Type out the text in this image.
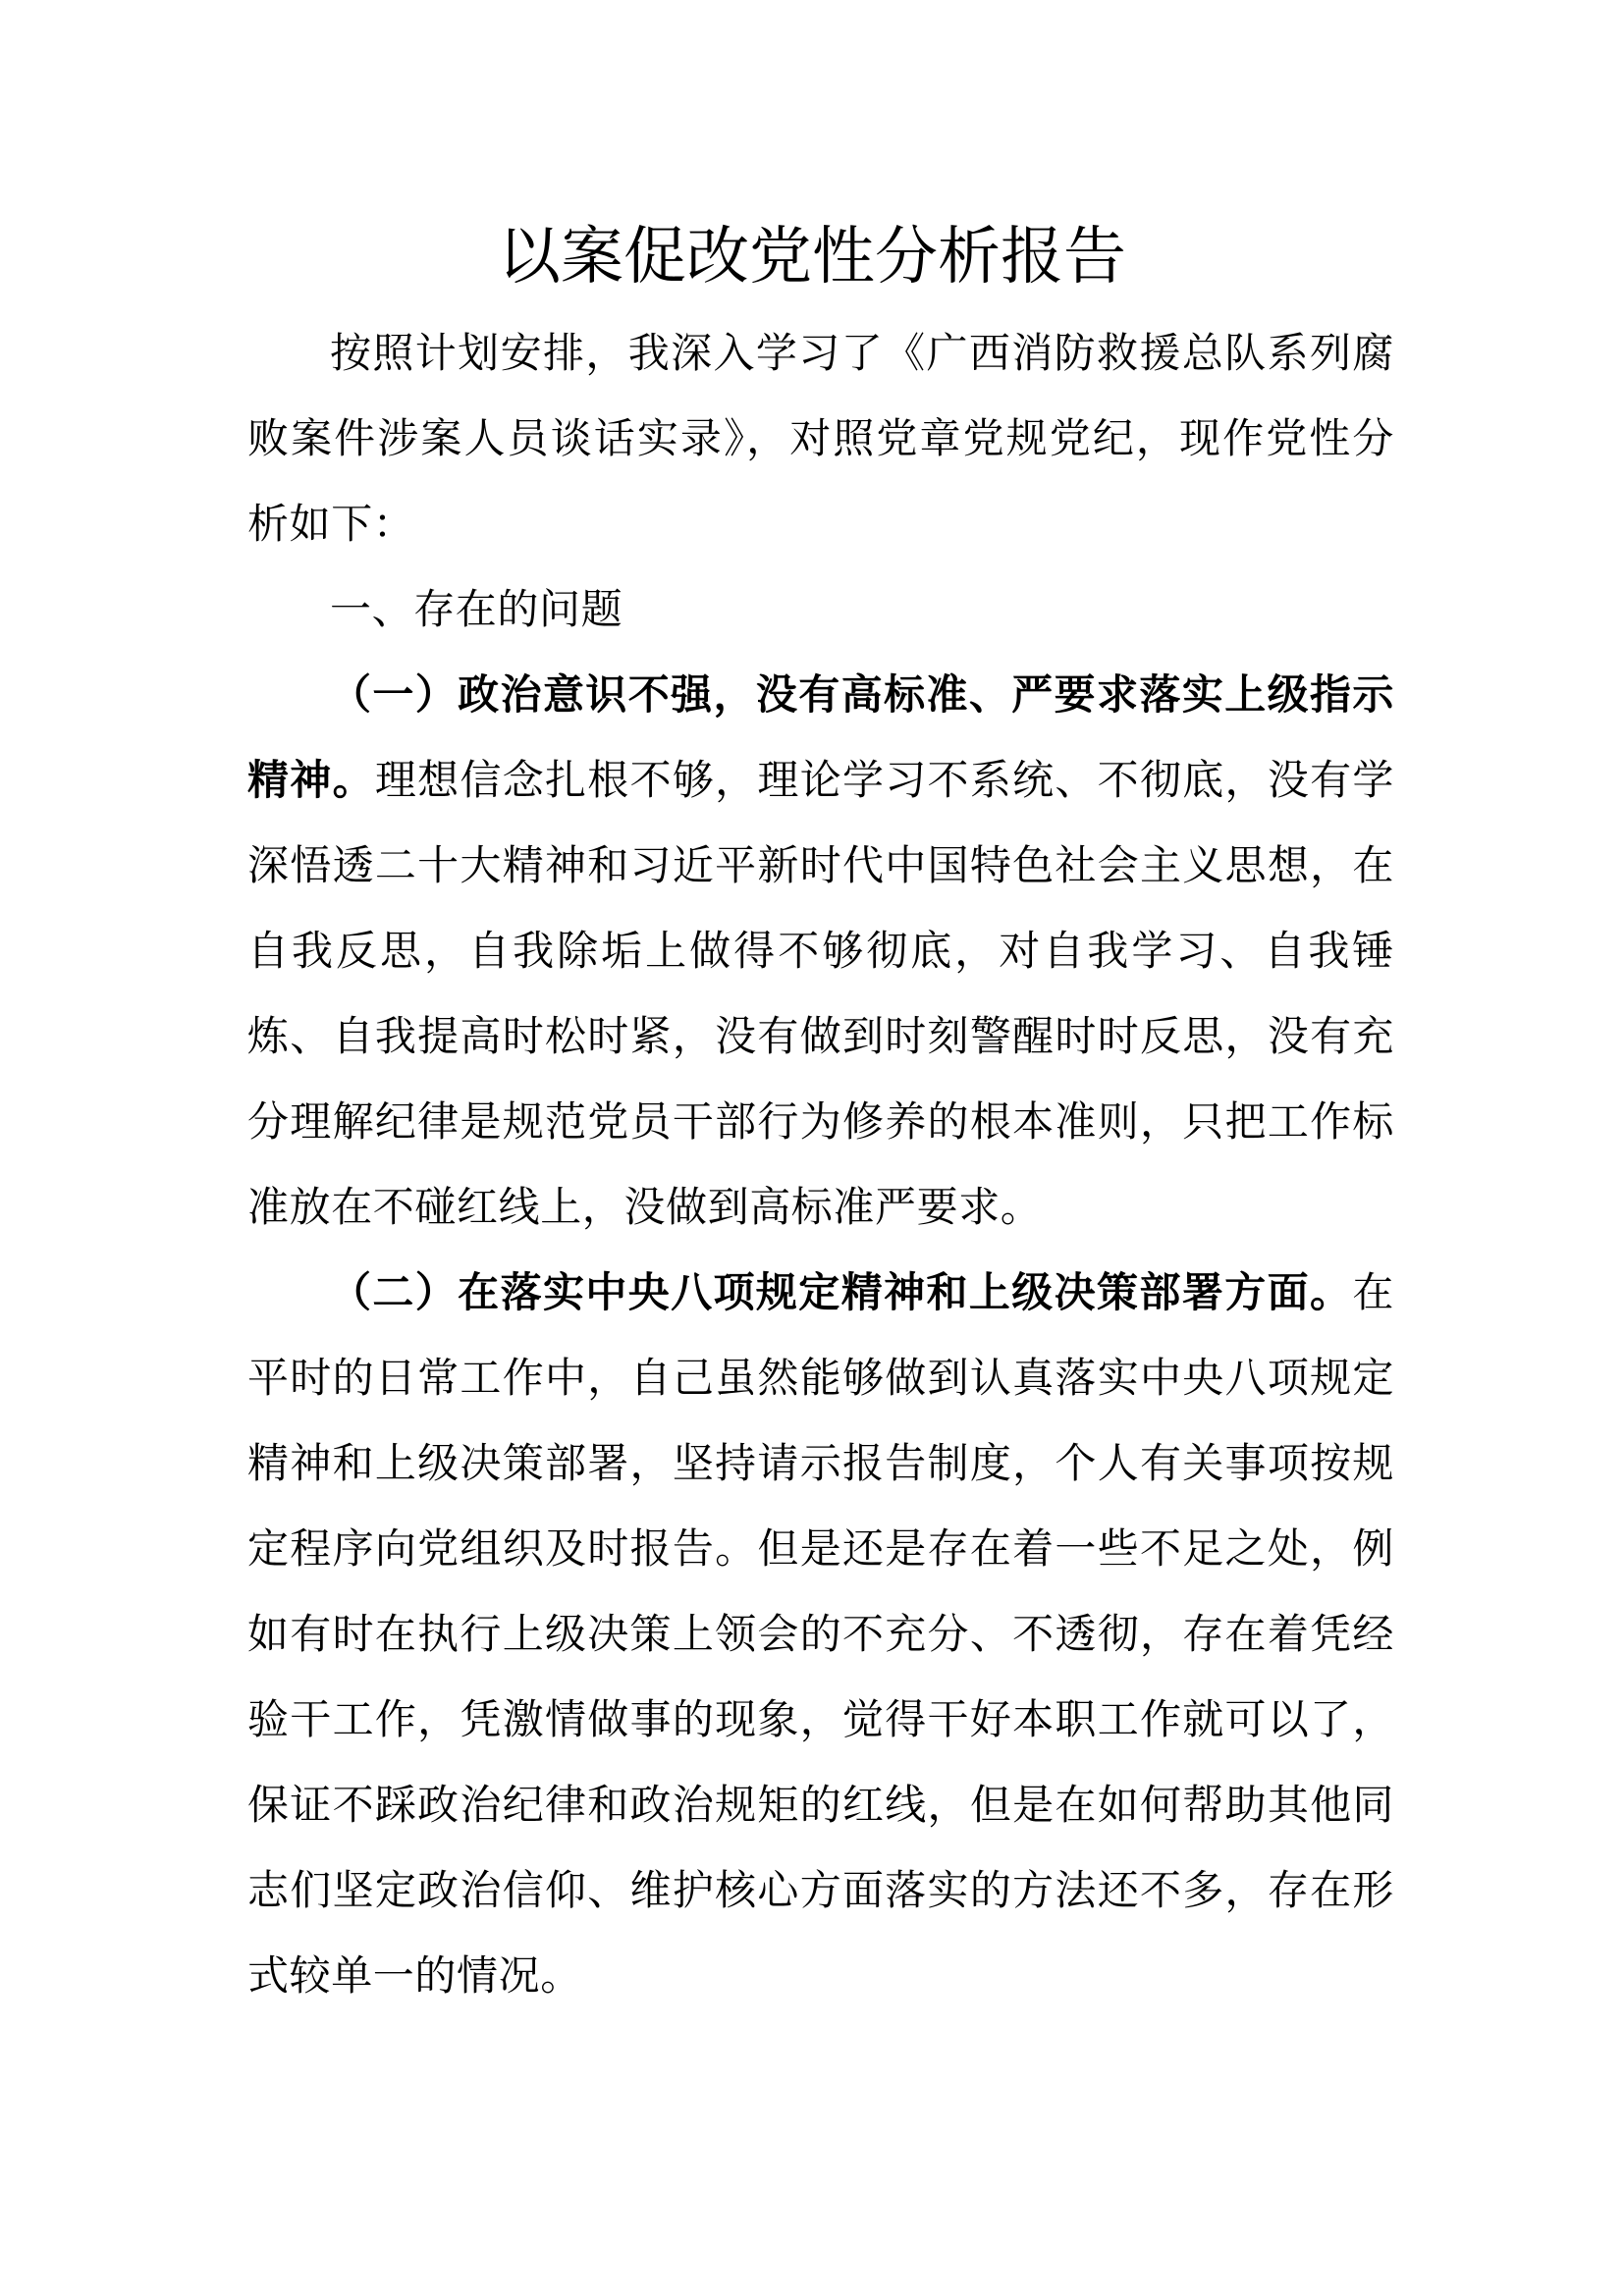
以案促改党性分析报告

按照计划安排，我深入学习了《广西消防救援总队系列腐败案件涉案人员谈话实录》，对照党章党规党纪，现作党性分析如下：

一、存在的问题

（一）政治意识不强，没有高标准、严要求落实上级指示精神。理想信念扎根不够，理论学习不系统、不彻底，没有学深悟透二十大精神和习近平新时代中国特色社会主义思想，在自我反思，自我除垢上做得不够彻底，对自我学习、自我锤炼、自我提高时松时紧，没有做到时刻警醒时时反思，没有充分理解纪律是规范党员干部行为修养的根本准则，只把工作标准放在不碰红线上，没做到高标准严要求。

（二）在落实中央八项规定精神和上级决策部署方面。在平时的日常工作中，自己虽然能够做到认真落实中央八项规定精神和上级决策部署，坚持请示报告制度，个人有关事项按规定程序向党组织及时报告。但是还是存在着一些不足之处，例如有时在执行上级决策上领会的不充分、不透彻，存在着凭经验干工作，凭激情做事的现象，觉得干好本职工作就可以了，保证不踩政治纪律和政治规矩的红线，但是在如何帮助其他同志们坚定政治信仰、维护核心方面落实的方法还不多，存在形式较单一的情况。
